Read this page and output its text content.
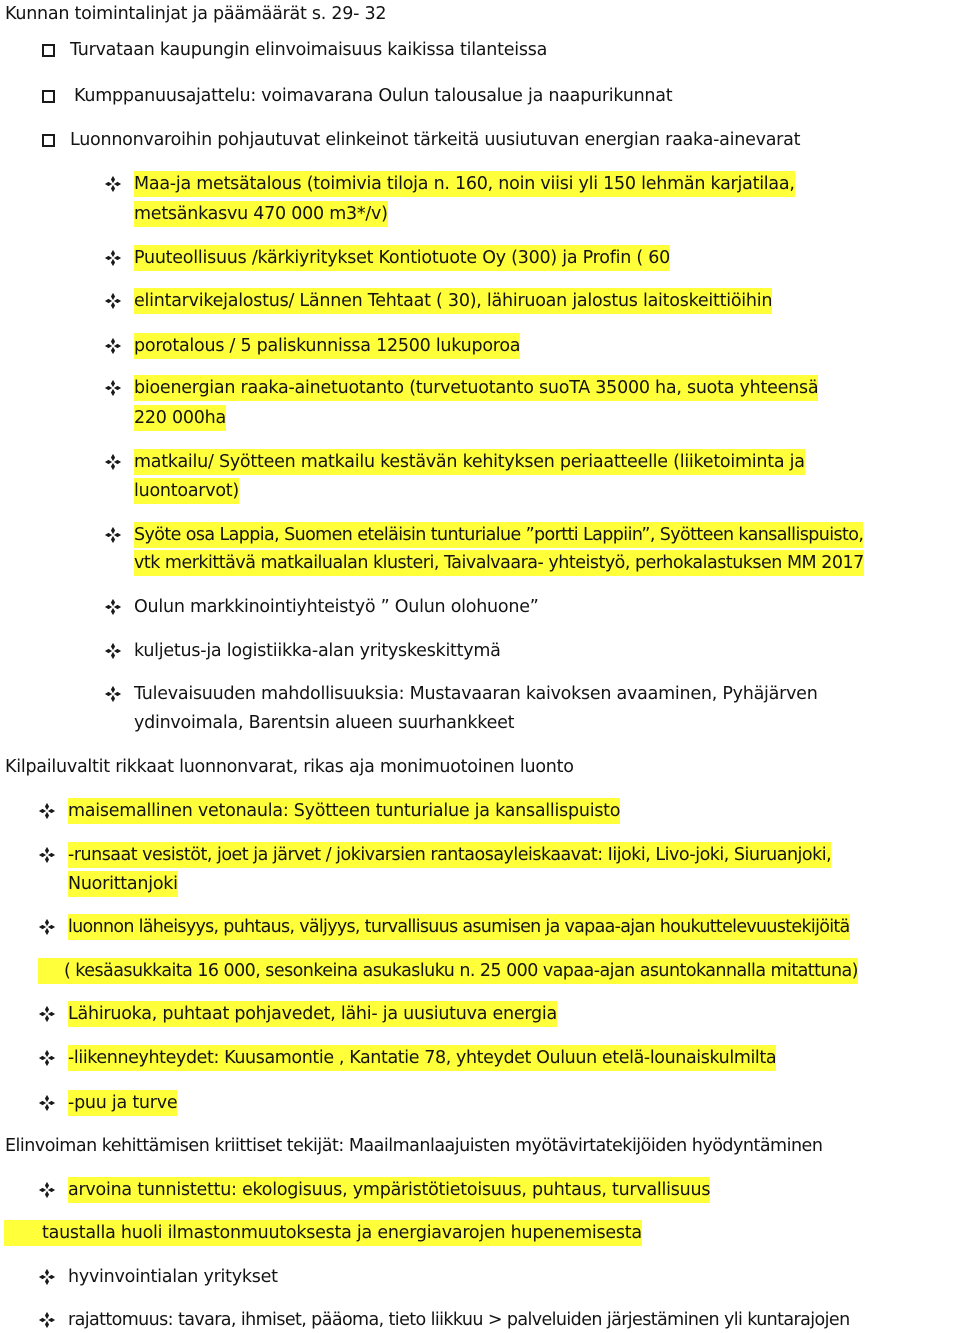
Kunnan toimintalinjat ja päämäärät s. 29- 32
Turvataan kaupungin elinvoimaisuus kaikissa tilanteissa
Kumppanuusajattelu: voimavarana Oulun talousalue ja naapurikunnat
Luonnonvaroihin pohjautuvat elinkeinot tärkeitä uusiutuvan energian raaka-ainevarat
Maa-ja metsätalous (toimivia tiloja n. 160, noin viisi yli 150 lehmän karjatilaa,
metsänkasvu 470 000 m3*/v)
Puuteollisuus /kärkiyritykset Kontiotuote Oy (300) ja Profin ( 60
elintarvikejalostus/ Lännen Tehtaat ( 30), lähiruoan jalostus laitoskeittiöihin
porotalous / 5 paliskunnissa 12500 lukuporoa
bioenergian raaka-ainetuotanto (turvetuotanto suoTA 35000 ha, suota yhteensä
220 000ha
matkailu/ Syötteen matkailu kestävän kehityksen periaatteelle (liiketoiminta ja
luontoarvot)
Syöte osa Lappia, Suomen eteläisin tunturialue ”portti Lappiin”, Syötteen kansallispuisto,
vtk merkittävä matkailualan klusteri, Taivalvaara- yhteistyö, perhokalastuksen MM 2017
Oulun markkinointiyhteistyö ” Oulun olohuone”
kuljetus-ja logistiikka-alan yrityskeskittymä
Tulevaisuuden mahdollisuuksia: Mustavaaran kaivoksen avaaminen, Pyhäjärven
ydinvoimala, Barentsin alueen suurhankkeet
Kilpailuvaltit rikkaat luonnonvarat, rikas aja monimuotoinen luonto
maisemallinen vetonaula: Syötteen tunturialue ja kansallispuisto
-runsaat vesistöt, joet ja järvet / jokivarsien rantaosayleiskaavat: Iijoki, Livo-joki, Siuruanjoki,
Nuorittanjoki
luonnon läheisyys, puhtaus, väljyys, turvallisuus asumisen ja vapaa-ajan houkuttelevuustekijöitä
( kesäasukkaita 16 000, sesonkeina asukasluku n. 25 000 vapaa-ajan asuntokannalla mitattuna)
Lähiruoka, puhtaat pohjavedet, lähi- ja uusiutuva energia
-liikenneyhteydet: Kuusamontie , Kantatie 78, yhteydet Ouluun etelä-lounaiskulmilta
-puu ja turve
Elinvoiman kehittämisen kriittiset tekijät: Maailmanlaajuisten myötävirtatekijöiden hyödyntäminen
arvoina tunnistettu: ekologisuus, ympäristötietoisuus, puhtaus, turvallisuus
taustalla huoli ilmastonmuutoksesta ja energiavarojen hupenemisesta
hyvinvointialan yritykset
rajattomuus: tavara, ihmiset, pääoma, tieto liikkuu > palveluiden järjestäminen yli kuntarajojen
